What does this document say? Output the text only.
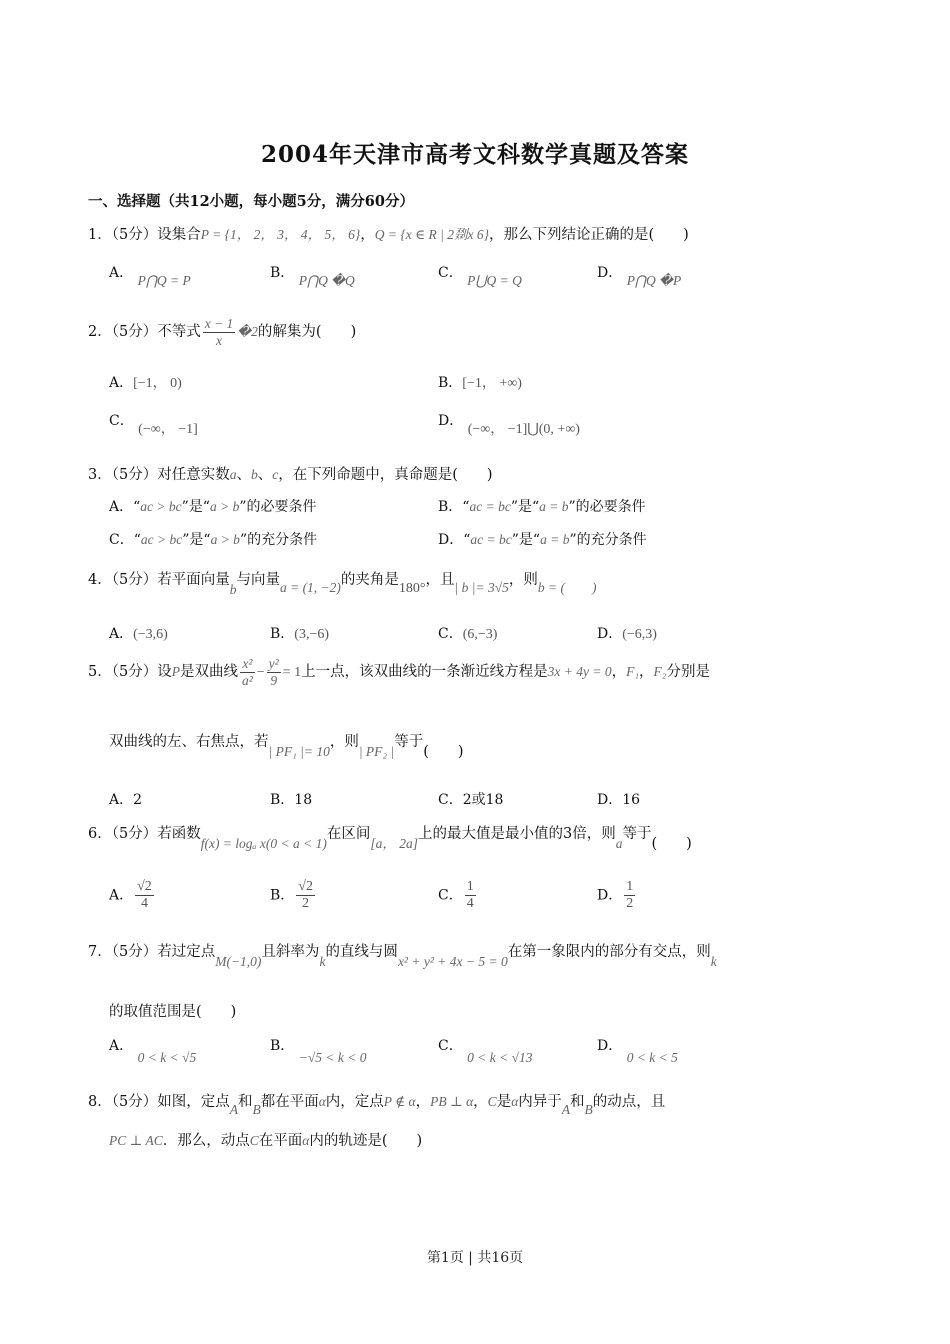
2004年天津市高考文科数学真题及答案
一、选择题（共12小题，每小题5分，满分60分）
1．（5分）设集合P = {1， 2， 3， 4， 5， 6}，Q = {x ∈ R | 2剟x 6}，那么下列结论正确的是(　　)
A． P⋂Q = P	B． P⋂Q �Q	C． P⋃Q = Q	D． P⋂Q �P
2．（5分）不等式 $\frac{x - 1}{x}$ �2的解集为(　　)
A．[−1， 0)	B．[−1， +∞)
C． (−∞， −1]
D． (−∞， −1]⋃(0, +∞)
3．（5分）对任意实数a、b、c，在下列命题中，真命题是(　　)
A．“ac > bc”是“a > b”的必要条件	B．“ac = bc”是“a = b”的必要条件
C．“ac > bc”是“a > b”的充分条件	D．“ac = bc”是“a = b”的充分条件
4．（5分）若平面向量b与向量a = (1, −2)的夹角是180°，且| b |= 3√5，则b = (　　)
A．(−3,6)	B．(3,−6)	C．(6,−3)	D．(−6,3)
5．（5分）设P是双曲线 $\frac{\text{x²}}{\text{a²}} - \frac{\text{y²}}{9} = 1$上一点，该双曲线的一条渐近线方程是3x + 4y = 0，F₁，F₂分别是
双曲线的左、右焦点，若| PF₁ |= 10，则| PF₂ |等于(　　)
A．2	B．18	C．2或18	D．16
6．（5分）若函数f(x) = logₐ x(0 < a < 1)在区间[a， 2a]上的最大值是最小值的3倍，则a等于(　　)
A． $\frac{√2}{4}$	B． $\frac{√2}{2}$	C． $\frac{1}{4}$	D． $\frac{1}{2}$
7．（5分）若过定点M(−1,0)且斜率为k的直线与圆x² + y² + 4x − 5 = 0在第一象限内的部分有交点，则k
的取值范围是(　　)
A． 0 < k < √5
B． −√5 < k < 0
C． 0 < k < √13
D． 0 < k < 5
8．（5分）如图，定点A和B都在平面α内，定点P ∉ α，PB ⊥ α，C是α内异于A和B的动点，且
PC ⊥ AC．那么，动点C在平面α内的轨迹是(　　)
第1页 | 共16页
